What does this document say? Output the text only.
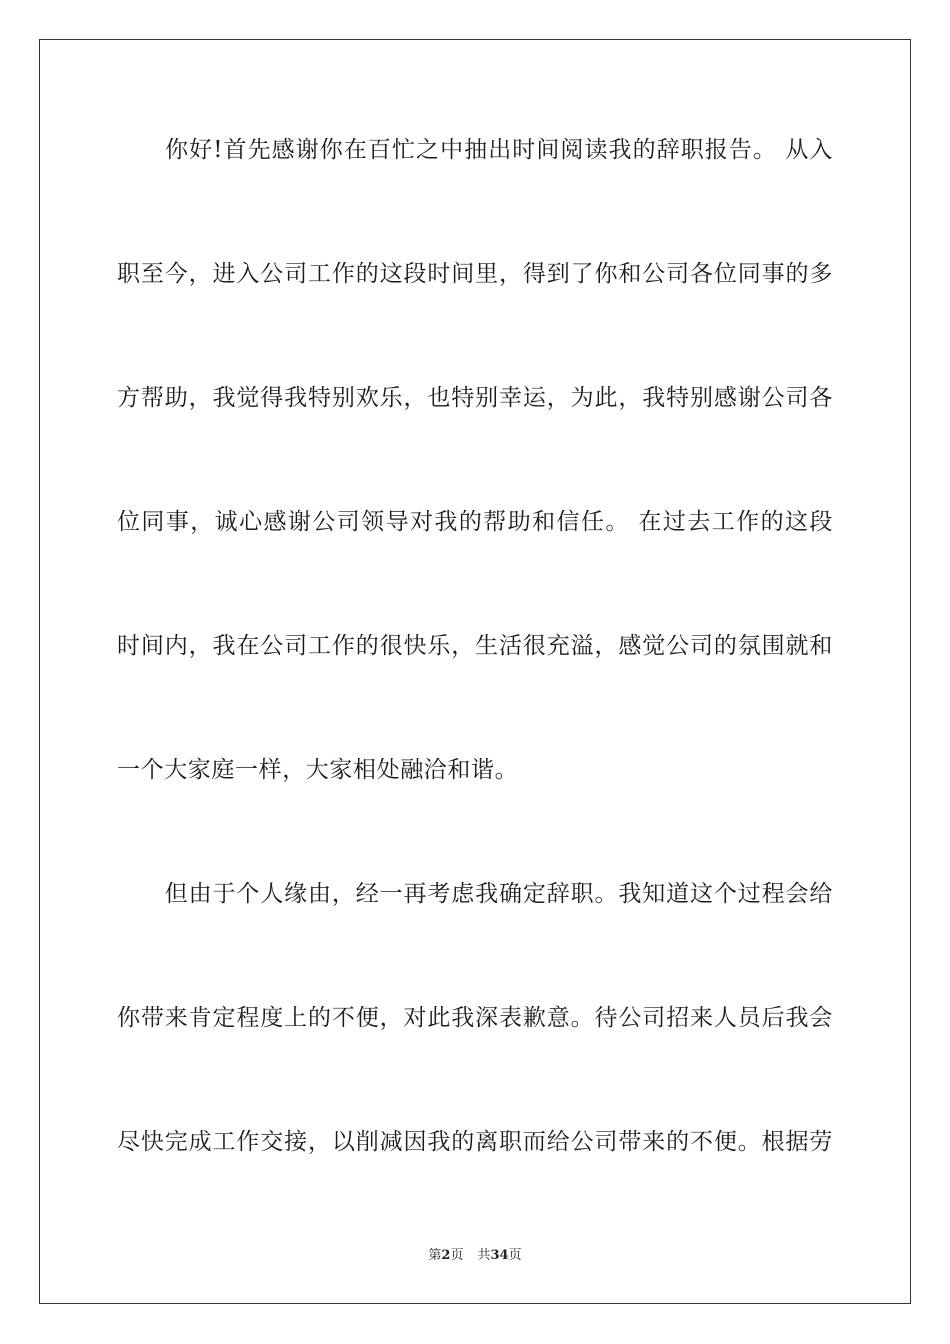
　　你好!首先感谢你在百忙之中抽出时间阅读我的辞职报告。 从入
职至今，进入公司工作的这段时间里，得到了你和公司各位同事的多
方帮助，我觉得我特别欢乐，也特别幸运，为此，我特别感谢公司各
位同事，诚心感谢公司领导对我的帮助和信任。 在过去工作的这段
时间内，我在公司工作的很快乐，生活很充溢，感觉公司的氛围就和
一个大家庭一样，大家相处融洽和谐。
　　但由于个人缘由，经一再考虑我确定辞职。我知道这个过程会给
你带来肯定程度上的不便，对此我深表歉意。待公司招来人员后我会
尽快完成工作交接，以削减因我的离职而给公司带来的不便。根据劳
第2页 共34页
